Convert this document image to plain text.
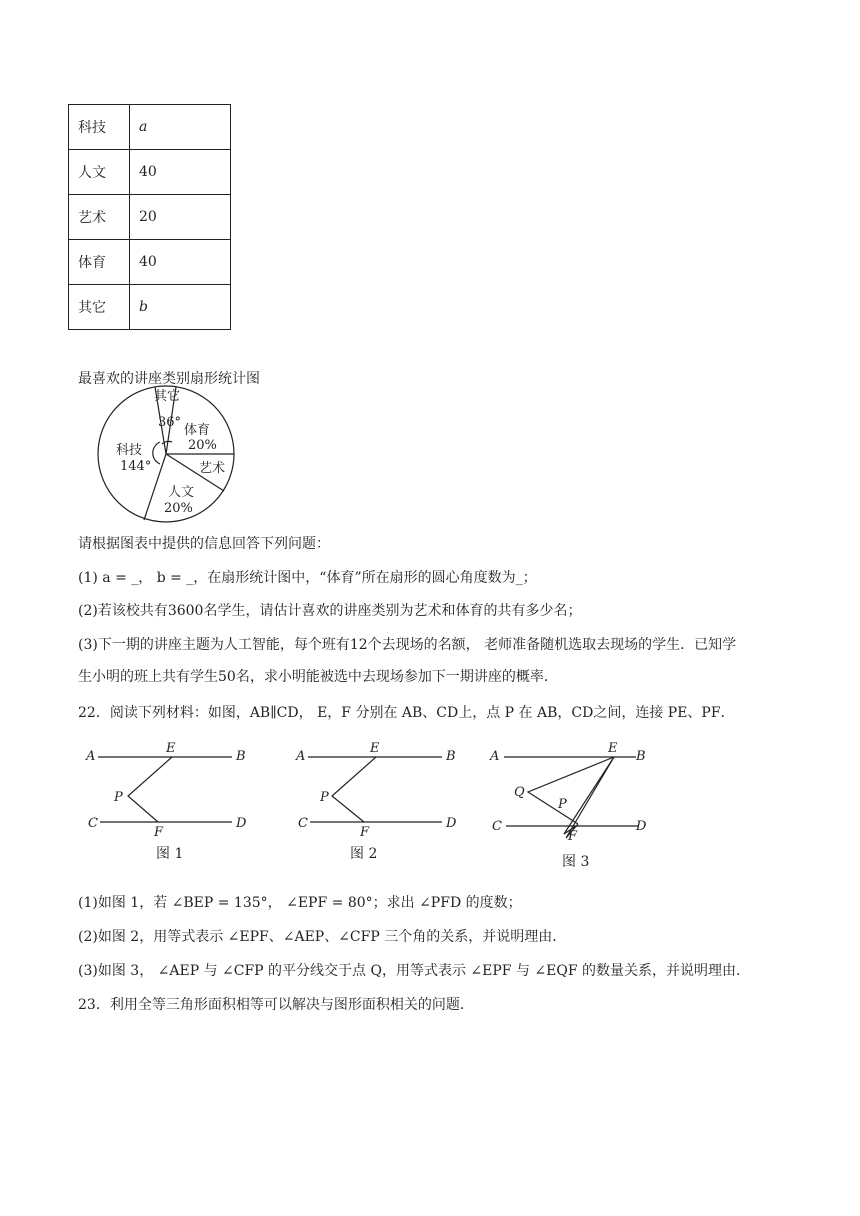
科技	a
人文	40
艺术	20
体育	40
其它	b
最喜欢的讲座类别扇形统计图
其它
36°
体育
20%
艺术
科技
144°
人文
20%
请根据图表中提供的信息回答下列问题：
(1) a = _， b = _，在扇形统计图中，“体育”所在扇形的圆心角度数为_；
(2)若该校共有3600名学生，请估计喜欢的讲座类别为艺术和体育的共有多少名；
(3)下一期的讲座主题为人工智能，每个班有12个去现场的名额， 老师准备随机选取去现场的学生．已知学
生小明的班上共有学生50名，求小明能被选中去现场参加下一期讲座的概率．
22．阅读下列材料：如图，AB∥CD， E，F 分别在 AB、CD上，点 P 在 AB，CD之间，连接 PE、PF．
A	B
E
P
C	D
F
图 1
A	B
E
P
C	D
F
图 2
A	B
E
Q
P
C	D
F
图 3
(1)如图 1，若 ∠BEP = 135°， ∠EPF = 80°；求出 ∠PFD 的度数；
(2)如图 2，用等式表示 ∠EPF、∠AEP、∠CFP 三个角的关系，并说明理由．
(3)如图 3， ∠AEP 与 ∠CFP 的平分线交于点 Q，用等式表示 ∠EPF 与 ∠EQF 的数量关系，并说明理由．
23．利用全等三角形面积相等可以解决与图形面积相关的问题．
